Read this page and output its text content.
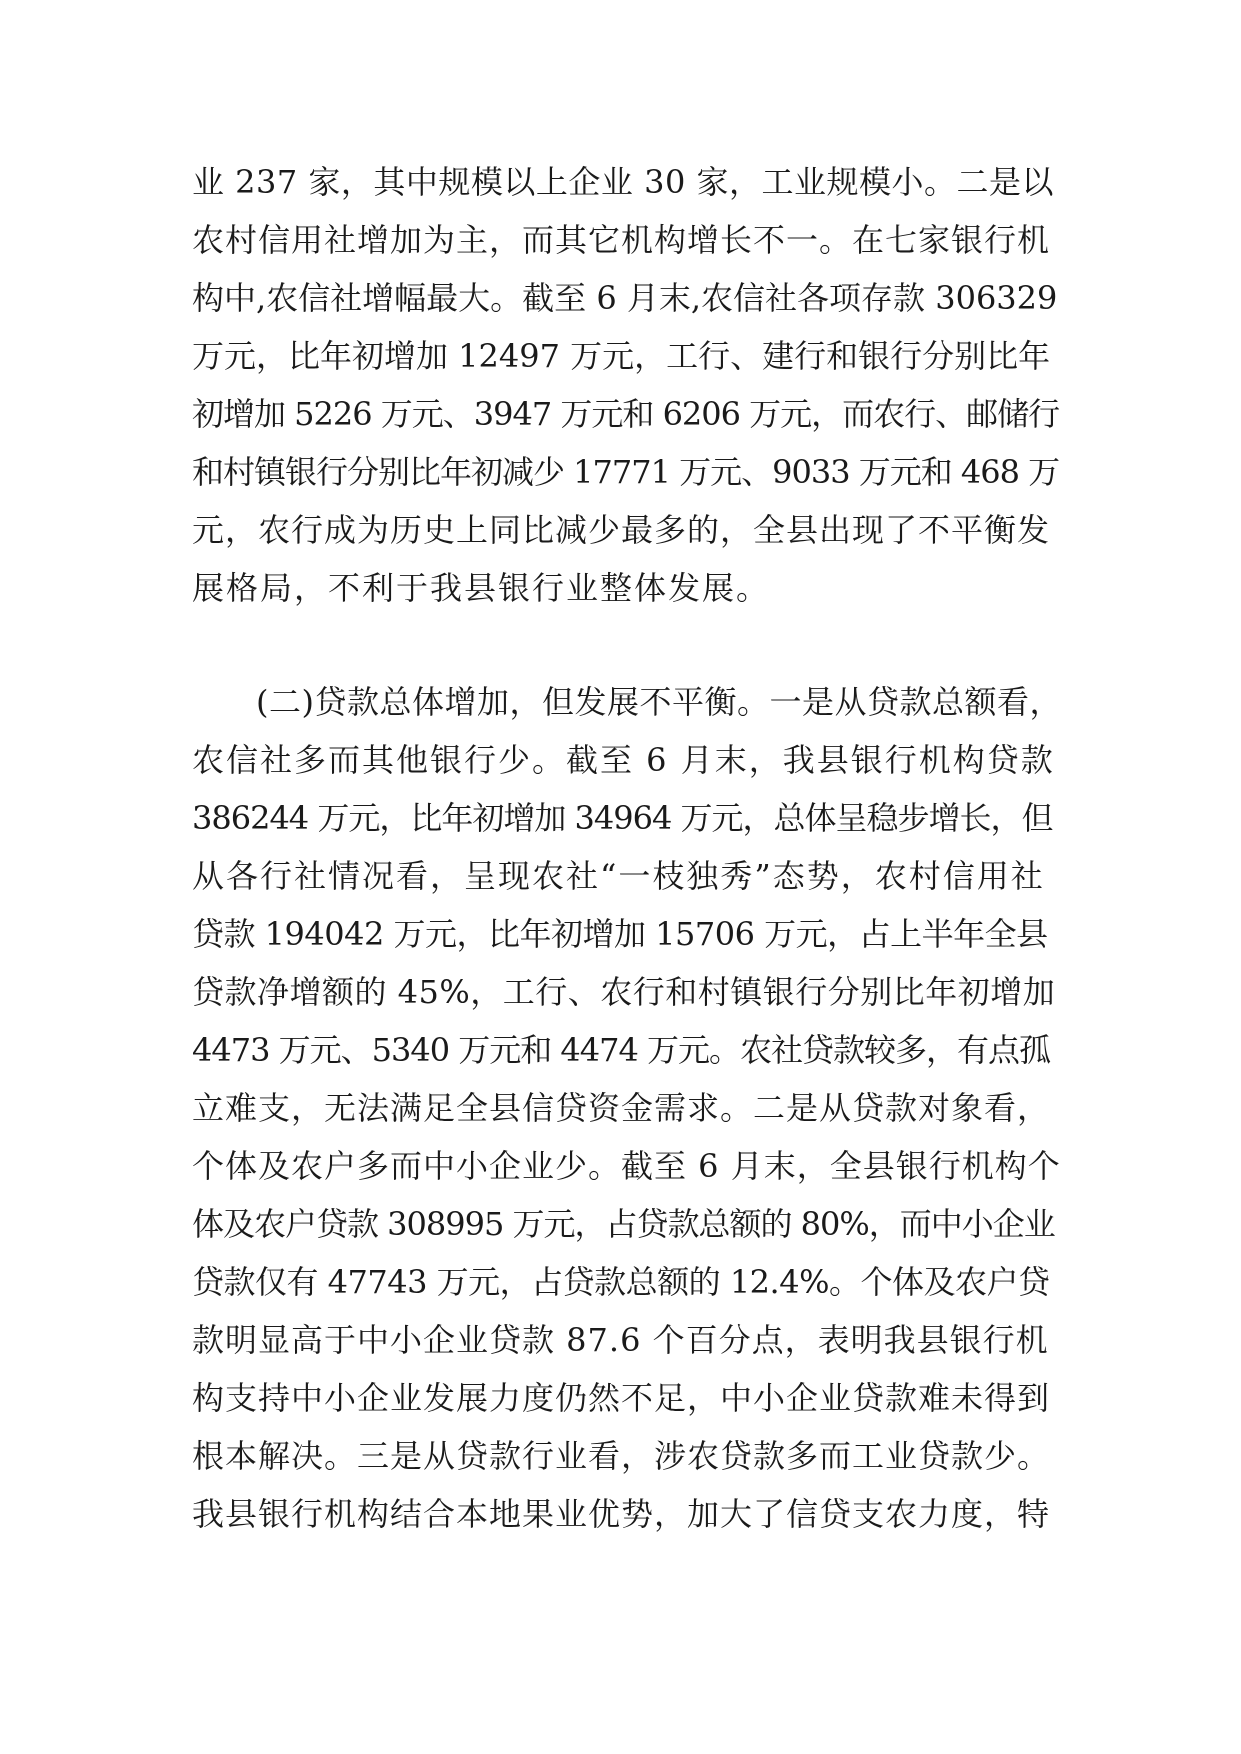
业 237 家，其中规模以上企业 30 家，工业规模小。二是以
农村信用社增加为主，而其它机构增长不一。在七家银行机
构中,农信社增幅最大。截至 6 月末,农信社各项存款 306329
万元，比年初增加 12497 万元，工行、建行和银行分别比年
初增加 5226 万元、3947 万元和 6206 万元，而农行、邮储行
和村镇银行分别比年初减少 17771 万元、9033 万元和 468 万
元，农行成为历史上同比减少最多的，全县出现了不平衡发
展格局，不利于我县银行业整体发展。
(二)贷款总体增加，但发展不平衡。一是从贷款总额看，
农信社多而其他银行少。截至 6 月末，我县银行机构贷款
386244 万元，比年初增加 34964 万元，总体呈稳步增长，但
从各行社情况看，呈现农社“一枝独秀”态势，农村信用社
贷款 194042 万元，比年初增加 15706 万元，占上半年全县
贷款净增额的 45%，工行、农行和村镇银行分别比年初增加
4473 万元、5340 万元和 4474 万元。农社贷款较多，有点孤
立难支，无法满足全县信贷资金需求。二是从贷款对象看，
个体及农户多而中小企业少。截至 6 月末，全县银行机构个
体及农户贷款 308995 万元，占贷款总额的 80%，而中小企业
贷款仅有 47743 万元，占贷款总额的 12.4%。个体及农户贷
款明显高于中小企业贷款 87.6 个百分点，表明我县银行机
构支持中小企业发展力度仍然不足，中小企业贷款难未得到
根本解决。三是从贷款行业看，涉农贷款多而工业贷款少。
我县银行机构结合本地果业优势，加大了信贷支农力度，特
